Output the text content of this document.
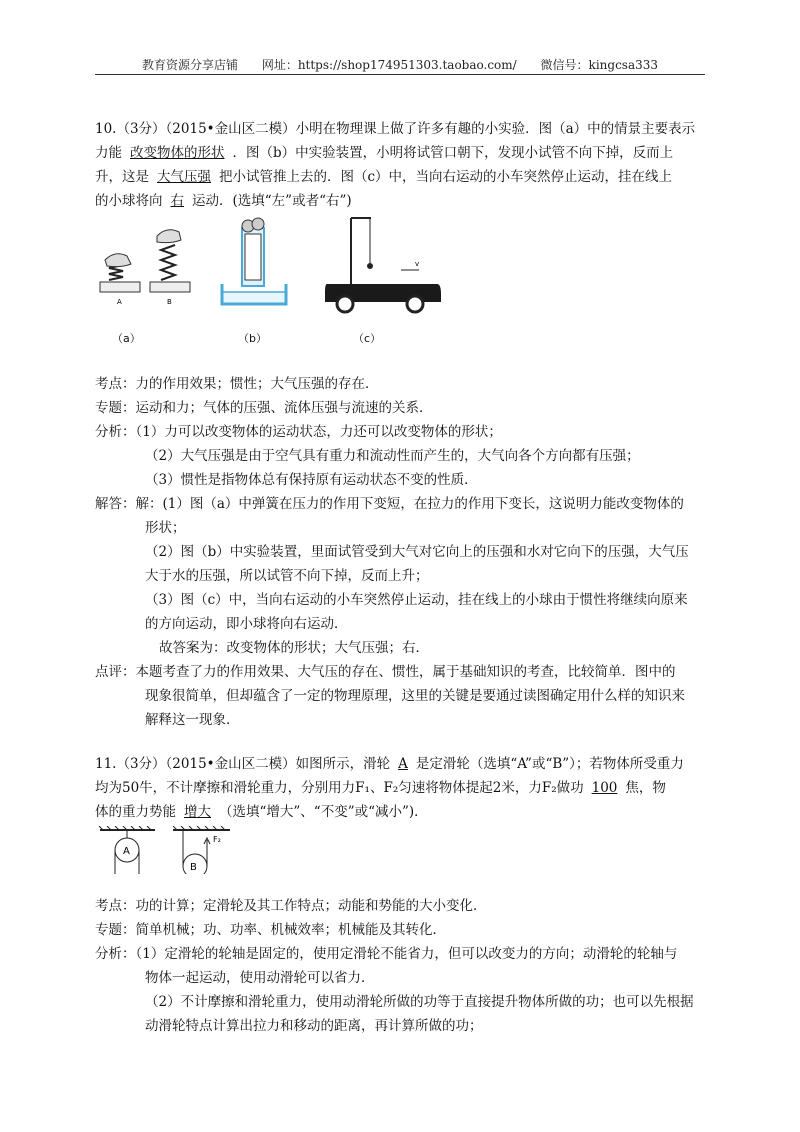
教育资源分享店铺 网址：https://shop174951303.taobao.com/ 微信号：kingcsa333
10.（3分）（2015•金山区二模）小明在物理课上做了许多有趣的小实验．图（a）中的情景主要表示
力能 改变物体的形状 ．图（b）中实验装置，小明将试管口朝下，发现小试管不向下掉，反而上
升，这是 大气压强 把小试管推上去的．图（c）中，当向右运动的小车突然停止运动，挂在线上
的小球将向 右 运动．(选填“左”或者“右”)
A	B
v
（a）	（b）	（c）
考点：力的作用效果；惯性；大气压强的存在．
专题：运动和力；气体的压强、流体压强与流速的关系．
分析：（1）力可以改变物体的运动状态，力还可以改变物体的形状；
（2）大气压强是由于空气具有重力和流动性而产生的，大气向各个方向都有压强；
（3）惯性是指物体总有保持原有运动状态不变的性质．
解答：解：(1）图（a）中弹簧在压力的作用下变短，在拉力的作用下变长，这说明力能改变物体的
形状；
（2）图（b）中实验装置，里面试管受到大气对它向上的压强和水对它向下的压强，大气压
大于水的压强，所以试管不向下掉，反而上升；
（3）图（c）中，当向右运动的小车突然停止运动，挂在线上的小球由于惯性将继续向原来
的方向运动，即小球将向右运动．
故答案为：改变物体的形状；大气压强；右．
点评：本题考查了力的作用效果、大气压的存在、惯性，属于基础知识的考查，比较简单．图中的
现象很简单，但却蕴含了一定的物理原理，这里的关键是要通过读图确定用什么样的知识来
解释这一现象．
11.（3分）（2015•金山区二模）如图所示，滑轮 A 是定滑轮（选填“A”或“B”）；若物体所受重力
均为50牛，不计摩擦和滑轮重力，分别用力F₁、F₂匀速将物体提起2米，力F₂做功 100 焦，物
体的重力势能 增大 （选填“增大”、“不变”或“减小”)．
A
F₂
B
考点：功的计算；定滑轮及其工作特点；动能和势能的大小变化．
专题：简单机械；功、功率、机械效率；机械能及其转化．
分析：（1）定滑轮的轮轴是固定的，使用定滑轮不能省力，但可以改变力的方向；动滑轮的轮轴与
物体一起运动，使用动滑轮可以省力．
（2）不计摩擦和滑轮重力，使用动滑轮所做的功等于直接提升物体所做的功；也可以先根据
动滑轮特点计算出拉力和移动的距离，再计算所做的功；
